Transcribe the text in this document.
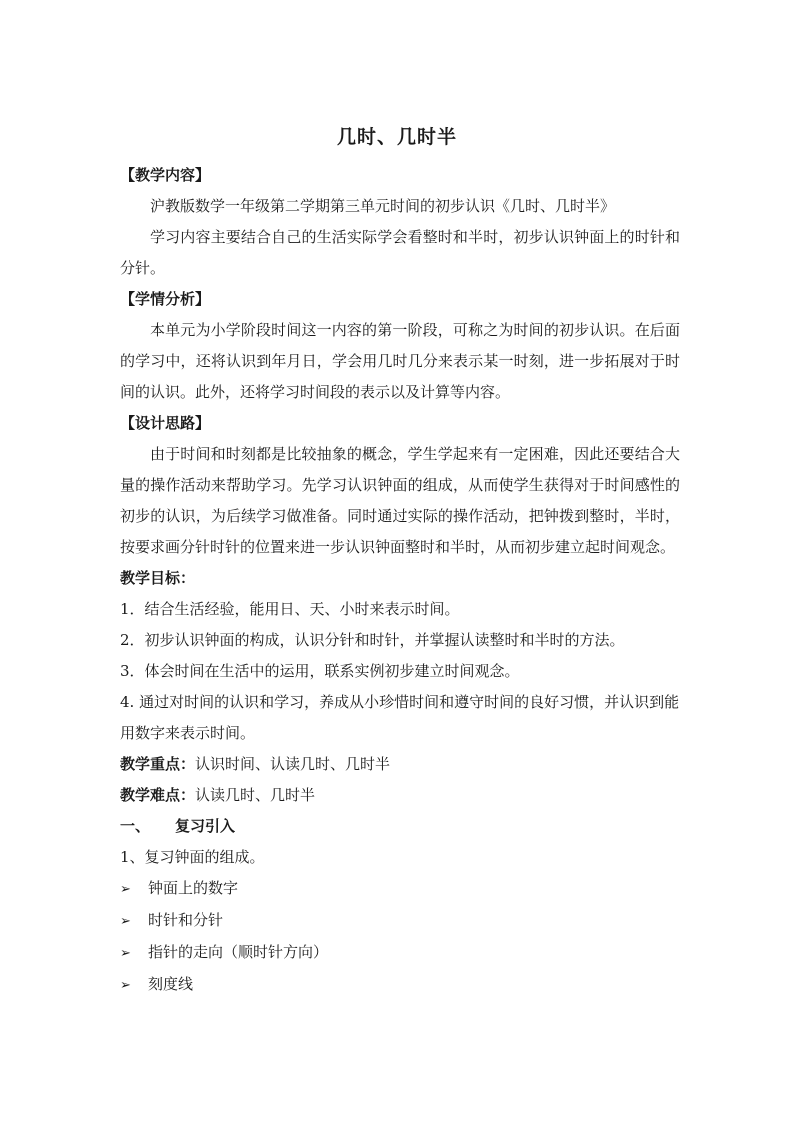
几时、几时半

【教学内容】

沪教版数学一年级第二学期第三单元时间的初步认识《几时、几时半》

学习内容主要结合自己的生活实际学会看整时和半时，初步认识钟面上的时针和分针。

【学情分析】

本单元为小学阶段时间这一内容的第一阶段，可称之为时间的初步认识。在后面的学习中，还将认识到年月日，学会用几时几分来表示某一时刻，进一步拓展对于时间的认识。此外，还将学习时间段的表示以及计算等内容。

【设计思路】

由于时间和时刻都是比较抽象的概念，学生学起来有一定困难，因此还要结合大量的操作活动来帮助学习。先学习认识钟面的组成，从而使学生获得对于时间感性的初步的认识，为后续学习做准备。同时通过实际的操作活动，把钟拨到整时，半时，按要求画分针时针的位置来进一步认识钟面整时和半时，从而初步建立起时间观念。

教学目标：

1．结合生活经验，能用日、天、小时来表示时间。

2．初步认识钟面的构成，认识分针和时针，并掌握认读整时和半时的方法。

3．体会时间在生活中的运用，联系实例初步建立时间观念。

4. 通过对时间的认识和学习，养成从小珍惜时间和遵守时间的良好习惯，并认识到能用数字来表示时间。

教学重点：认识时间、认读几时、几时半

教学难点：认读几时、几时半

一、 复习引入

1、复习钟面的组成。

➢ 钟面上的数字

➢ 时针和分针

➢ 指针的走向（顺时针方向）

➢ 刻度线
